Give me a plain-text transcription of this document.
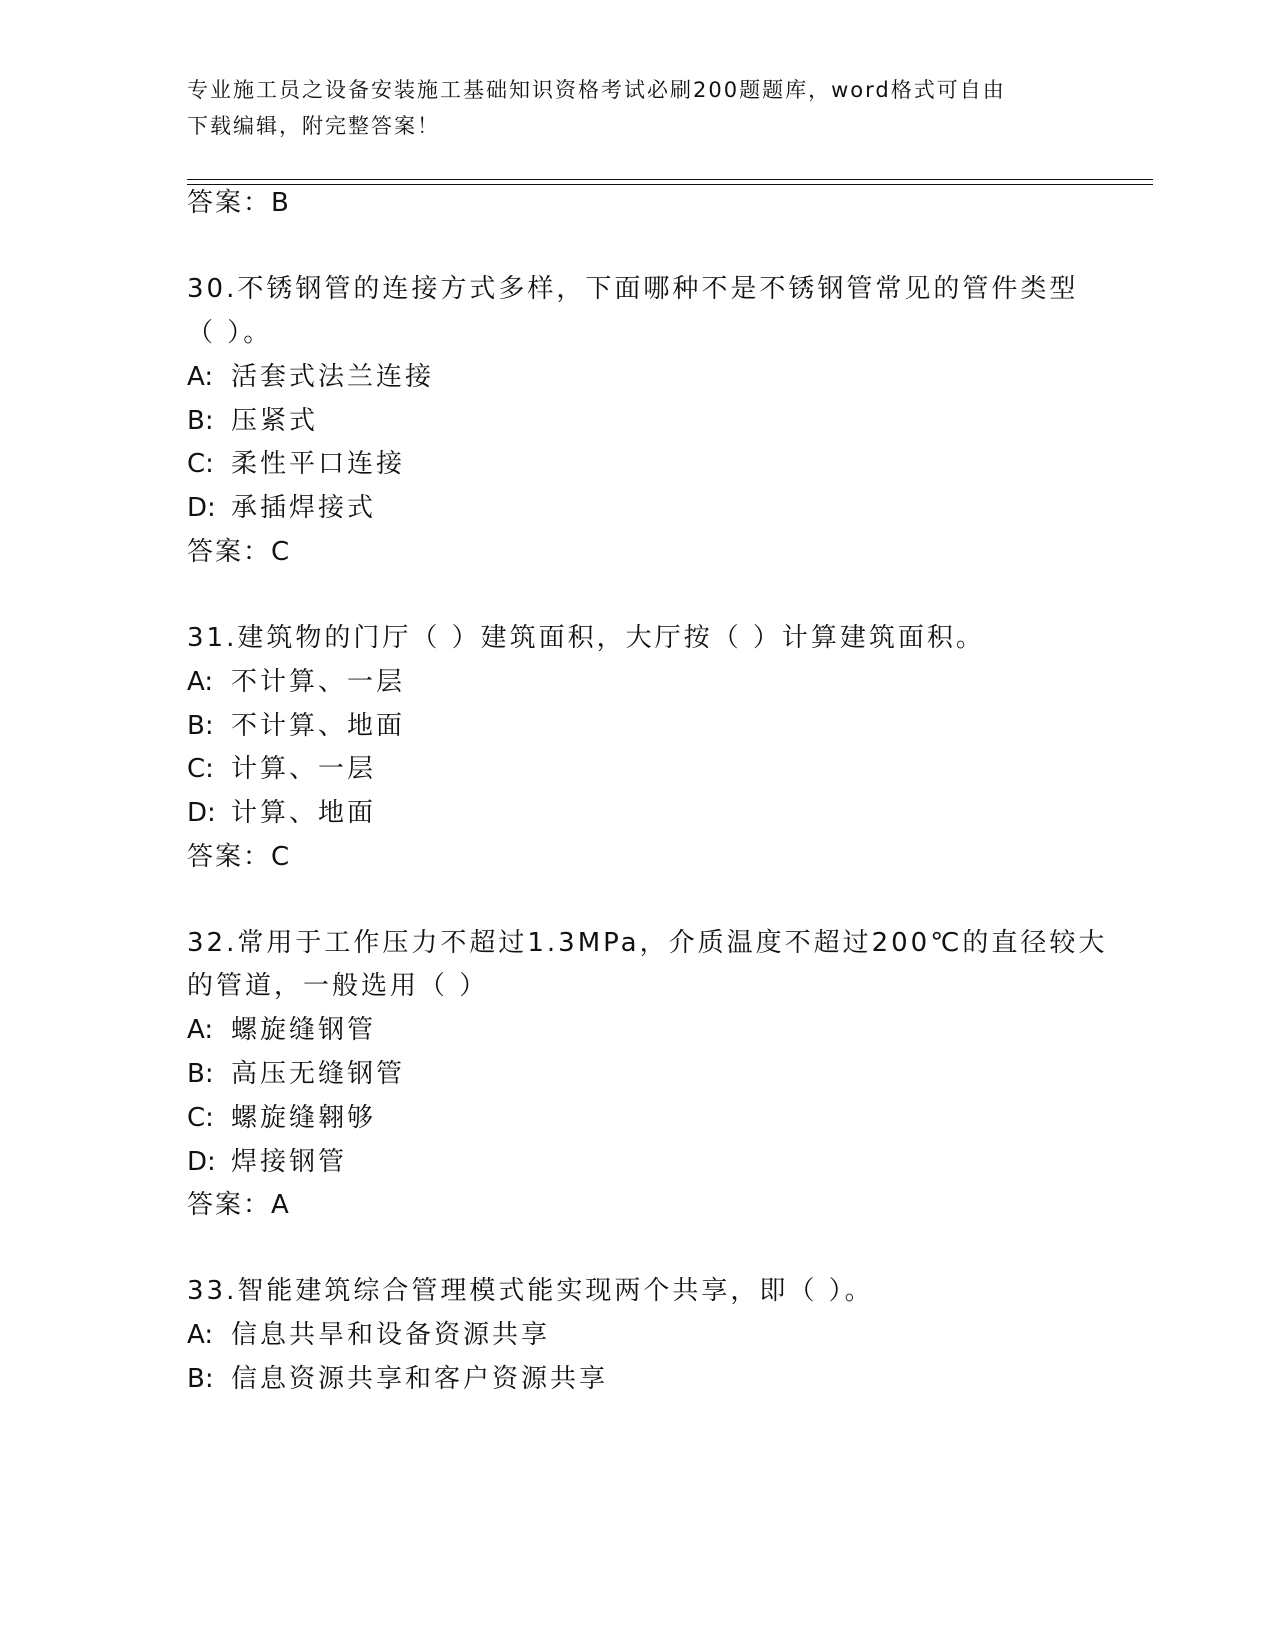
专业施工员之设备安装施工基础知识资格考试必刷200题题库，word格式可自由
下载编辑，附完整答案！
答案：B
30.不锈钢管的连接方式多样，下面哪种不是不锈钢管常见的管件类型
（ ）。
A: 活套式法兰连接
B: 压紧式
C: 柔性平口连接
D: 承插焊接式
答案：C
31.建筑物的门厅（ ）建筑面积，大厅按（ ）计算建筑面积。
A: 不计算、一层
B: 不计算、地面
C: 计算、一层
D: 计算、地面
答案：C
32.常用于工作压力不超过1.3MPa，介质温度不超过200℃的直径较大
的管道，一般选用（ ）
A: 螺旋缝钢管
B: 高压无缝钢管
C: 螺旋缝翱够
D: 焊接钢管
答案：A
33.智能建筑综合管理模式能实现两个共享，即（ ）。
A: 信息共旱和设备资源共享
B: 信息资源共享和客户资源共享
